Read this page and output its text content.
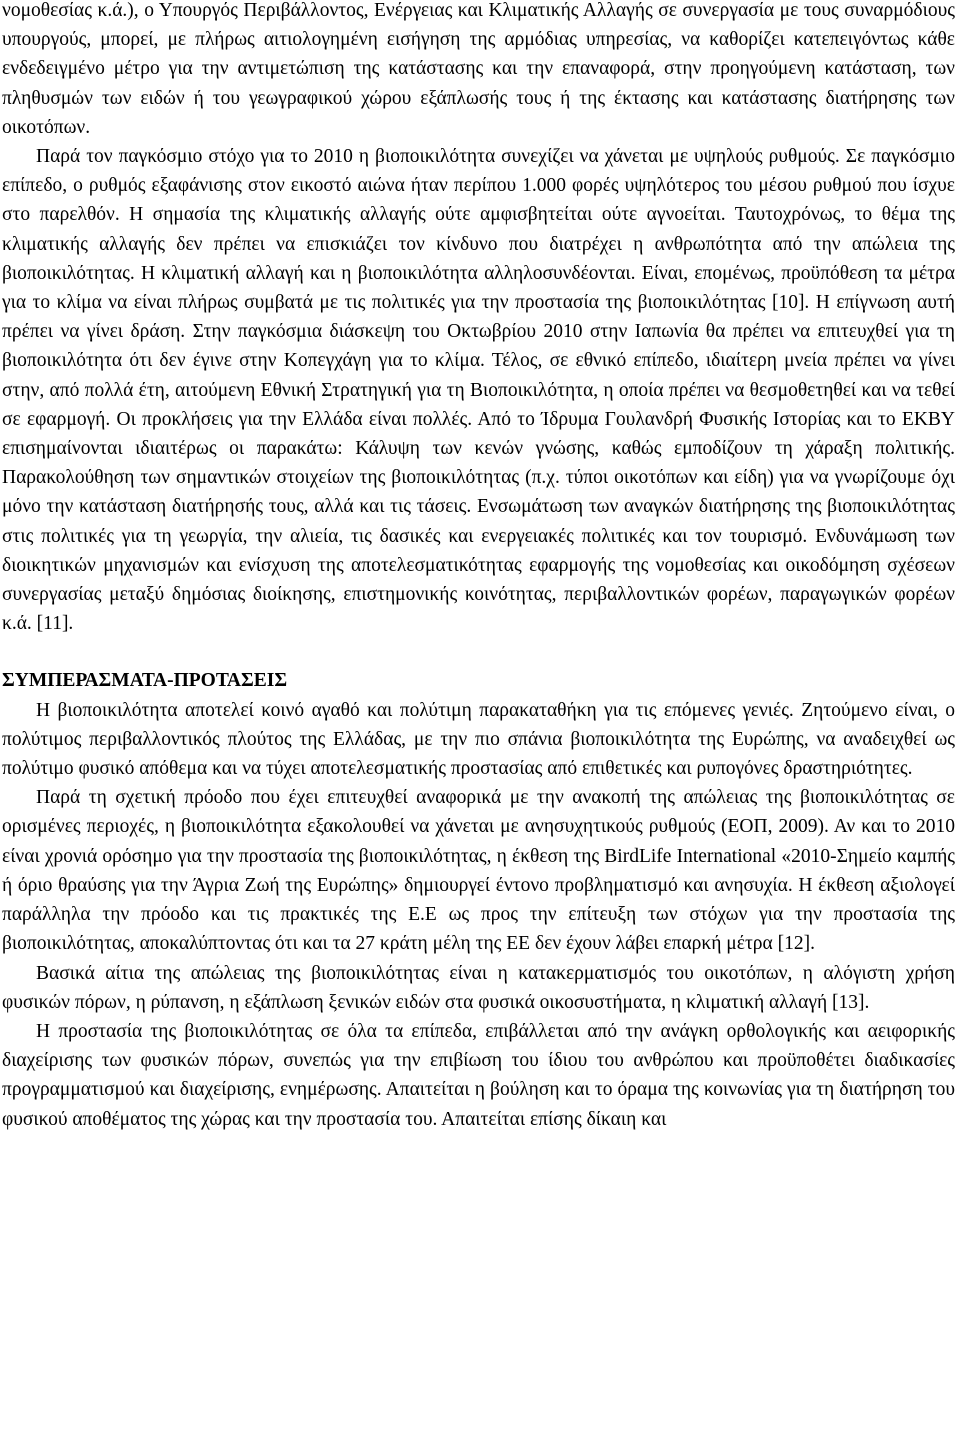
νομοθεσίας κ.ά.), ο Υπουργός Περιβάλλοντος, Ενέργειας και Κλιματικής Αλλαγής σε συνεργασία με τους συναρμόδιους υπουργούς, μπορεί, με πλήρως αιτιολογημένη εισήγηση της αρμόδιας υπηρεσίας, να καθορίζει κατεπειγόντως κάθε ενδεδειγμένο μέτρο για την αντιμετώπιση της κατάστασης και την επαναφορά, στην προηγούμενη κατάσταση, των πληθυσμών των ειδών ή του γεωγραφικού χώρου εξάπλωσής τους ή της έκτασης και κατάστασης διατήρησης των οικοτόπων.

Παρά τον παγκόσμιο στόχο για το 2010 η βιοποικιλότητα συνεχίζει να χάνεται με υψηλούς ρυθμούς. Σε παγκόσμιο επίπεδο, ο ρυθμός εξαφάνισης στον εικοστό αιώνα ήταν περίπου 1.000 φορές υψηλότερος του μέσου ρυθμού που ίσχυε στο παρελθόν. Η σημασία της κλιματικής αλλαγής ούτε αμφισβητείται ούτε αγνοείται. Ταυτοχρόνως, το θέμα της κλιματικής αλλαγής δεν πρέπει να επισκιάζει τον κίνδυνο που διατρέχει η ανθρωπότητα από την απώλεια της βιοποικιλότητας. Η κλιματική αλλαγή και η βιοποικιλότητα αλληλοσυνδέονται. Είναι, επομένως, προϋπόθεση τα μέτρα για το κλίμα να είναι πλήρως συμβατά με τις πολιτικές για την προστασία της βιοποικιλότητας [10]. Η επίγνωση αυτή πρέπει να γίνει δράση. Στην παγκόσμια διάσκεψη του Οκτωβρίου 2010 στην Ιαπωνία θα πρέπει να επιτευχθεί για τη βιοποικιλότητα ότι δεν έγινε στην Κοπεγχάγη για το κλίμα. Τέλος, σε εθνικό επίπεδο, ιδιαίτερη μνεία πρέπει να γίνει στην, από πολλά έτη, αιτούμενη Εθνική Στρατηγική για τη Βιοποικιλότητα, η οποία πρέπει να θεσμοθετηθεί και να τεθεί σε εφαρμογή. Οι προκλήσεις για την Ελλάδα είναι πολλές. Από το Ίδρυμα Γουλανδρή Φυσικής Ιστορίας και το ΕΚΒΥ επισημαίνονται ιδιαιτέρως οι παρακάτω: Κάλυψη των κενών γνώσης, καθώς εμποδίζουν τη χάραξη πολιτικής. Παρακολούθηση των σημαντικών στοιχείων της βιοποικιλότητας (π.χ. τύποι οικοτόπων και είδη) για να γνωρίζουμε όχι μόνο την κατάσταση διατήρησής τους, αλλά και τις τάσεις. Ενσωμάτωση των αναγκών διατήρησης της βιοποικιλότητας στις πολιτικές για τη γεωργία, την αλιεία, τις δασικές και ενεργειακές πολιτικές και τον τουρισμό. Ενδυνάμωση των διοικητικών μηχανισμών και ενίσχυση της αποτελεσματικότητας εφαρμογής της νομοθεσίας και οικοδόμηση σχέσεων συνεργασίας μεταξύ δημόσιας διοίκησης, επιστημονικής κοινότητας, περιβαλλοντικών φορέων, παραγωγικών φορέων κ.ά. [11].

ΣΥΜΠΕΡΑΣΜΑΤΑ-ΠΡΟΤΑΣΕΙΣ

Η βιοποικιλότητα αποτελεί κοινό αγαθό και πολύτιμη παρακαταθήκη για τις επόμενες γενιές. Ζητούμενο είναι, ο πολύτιμος περιβαλλοντικός πλούτος της Ελλάδας, με την πιο σπάνια βιοποικιλότητα της Ευρώπης, να αναδειχθεί ως πολύτιμο φυσικό απόθεμα και να τύχει αποτελεσματικής προστασίας από επιθετικές και ρυπογόνες δραστηριότητες.

Παρά τη σχετική πρόοδο που έχει επιτευχθεί αναφορικά με την ανακοπή της απώλειας της βιοποικιλότητας σε ορισμένες περιοχές, η βιοποικιλότητα εξακολουθεί να χάνεται με ανησυχητικούς ρυθμούς (ΕΟΠ, 2009). Αν και το 2010 είναι χρονιά ορόσημο για την προστασία της βιοποικιλότητας, η έκθεση της BirdLife International «2010-Σημείο καμπής ή όριο θραύσης για την Άγρια Ζωή της Ευρώπης» δημιουργεί έντονο προβληματισμό και ανησυχία. Η έκθεση αξιολογεί παράλληλα την πρόοδο και τις πρακτικές της Ε.Ε ως προς την επίτευξη των στόχων για την προστασία της βιοποικιλότητας, αποκαλύπτοντας ότι και τα 27 κράτη μέλη της ΕΕ δεν έχουν λάβει επαρκή μέτρα [12].

Βασικά αίτια της απώλειας της βιοποικιλότητας είναι η κατακερματισμός του οικοτόπων, η αλόγιστη χρήση φυσικών πόρων, η ρύπανση, η εξάπλωση ξενικών ειδών στα φυσικά οικοσυστήματα, η κλιματική αλλαγή [13].

Η προστασία της βιοποικιλότητας σε όλα τα επίπεδα, επιβάλλεται από την ανάγκη ορθολογικής και αειφορικής διαχείρισης των φυσικών πόρων, συνεπώς για την επιβίωση του ίδιου του ανθρώπου και προϋποθέτει διαδικασίες προγραμματισμού και διαχείρισης, ενημέρωσης. Απαιτείται η βούληση και το όραμα της κοινωνίας για τη διατήρηση του φυσικού αποθέματος της χώρας και την προστασία του. Απαιτείται επίσης δίκαιη και
